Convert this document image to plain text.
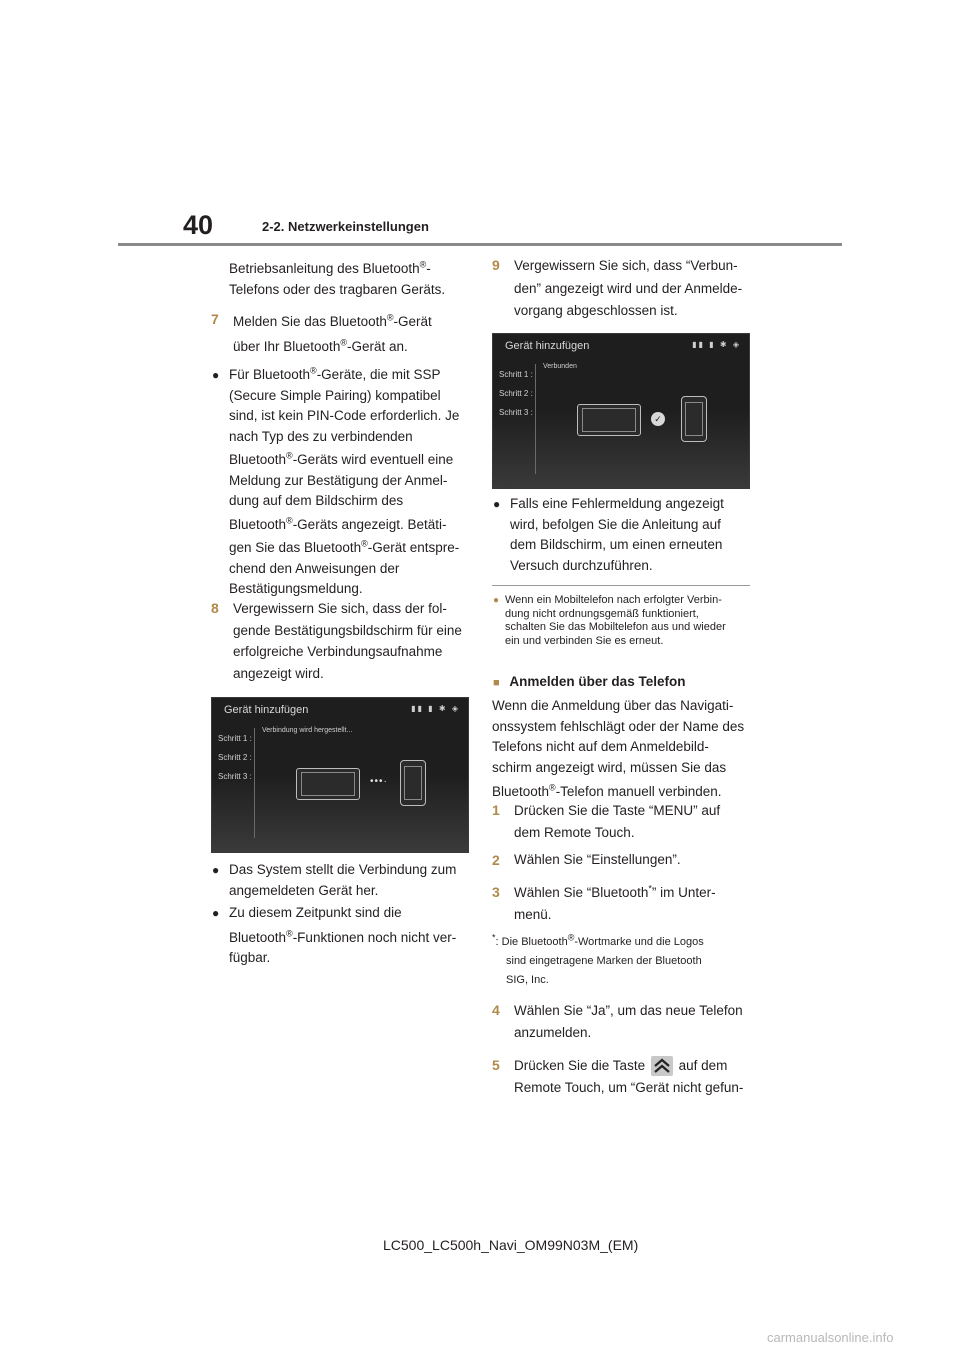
40	2-2. Netzwerkeinstellungen

Betriebsanleitung des Bluetooth®-

Telefons oder des tragbaren Geräts.

7 Melden Sie das Bluetooth®-Gerät

über Ihr Bluetooth®-Gerät an.

● Für Bluetooth®-Geräte, die mit SSP

(Secure Simple Pairing) kompatibel

sind, ist kein PIN-Code erforderlich. Je

nach Typ des zu verbindenden

Bluetooth®-Geräts wird eventuell eine

Meldung zur Bestätigung der Anmel-

dung auf dem Bildschirm des

Bluetooth®-Geräts angezeigt. Betäti-

gen Sie das Bluetooth®-Gerät entspre-

chend den Anweisungen der

Bestätigungsmeldung.

8 Vergewissern Sie sich, dass der fol-

gende Bestätigungsbildschirm für eine

erfolgreiche Verbindungsaufnahme

angezeigt wird.

Gerät hinzufügen	▮▮ ▮ ✱ ◈
Verbindung wird hergestellt...
Schritt 1 :
Schritt 2 :
Schritt 3 :	•••·
● Das System stellt die Verbindung zum

angemeldeten Gerät her.

● Zu diesem Zeitpunkt sind die

Bluetooth®-Funktionen noch nicht ver-

fügbar.

9 Vergewissern Sie sich, dass “Verbun-

den” angezeigt wird und der Anmelde-

vorgang abgeschlossen ist.

Gerät hinzufügen	▮▮ ▮ ✱ ◈
Verbunden
Schritt 1 :
Schritt 2 :
Schritt 3 :
✓
● Falls eine Fehlermeldung angezeigt

wird, befolgen Sie die Anleitung auf

dem Bildschirm, um einen erneuten

Versuch durchzuführen.

● Wenn ein Mobiltelefon nach erfolgter Verbin-

dung nicht ordnungsgemäß funktioniert,

schalten Sie das Mobiltelefon aus und wieder

ein und verbinden Sie es erneut.

■ Anmelden über das Telefon

Wenn die Anmeldung über das Navigati-

onssystem fehlschlägt oder der Name des

Telefons nicht auf dem Anmeldebild-

schirm angezeigt wird, müssen Sie das

Bluetooth®-Telefon manuell verbinden.

1 Drücken Sie die Taste “MENU” auf

dem Remote Touch.

2 Wählen Sie “Einstellungen”.

3 Wählen Sie “Bluetooth*” im Unter-

menü.

*: Die Bluetooth®-Wortmarke und die Logos

sind eingetragene Marken der Bluetooth

SIG, Inc.

4 Wählen Sie “Ja”, um das neue Telefon

anzumelden.

5 Drücken Sie die Taste auf dem

Remote Touch, um “Gerät nicht gefun-

LC500_LC500h_Navi_OM99N03M_(EM)
carmanualsonline.info
